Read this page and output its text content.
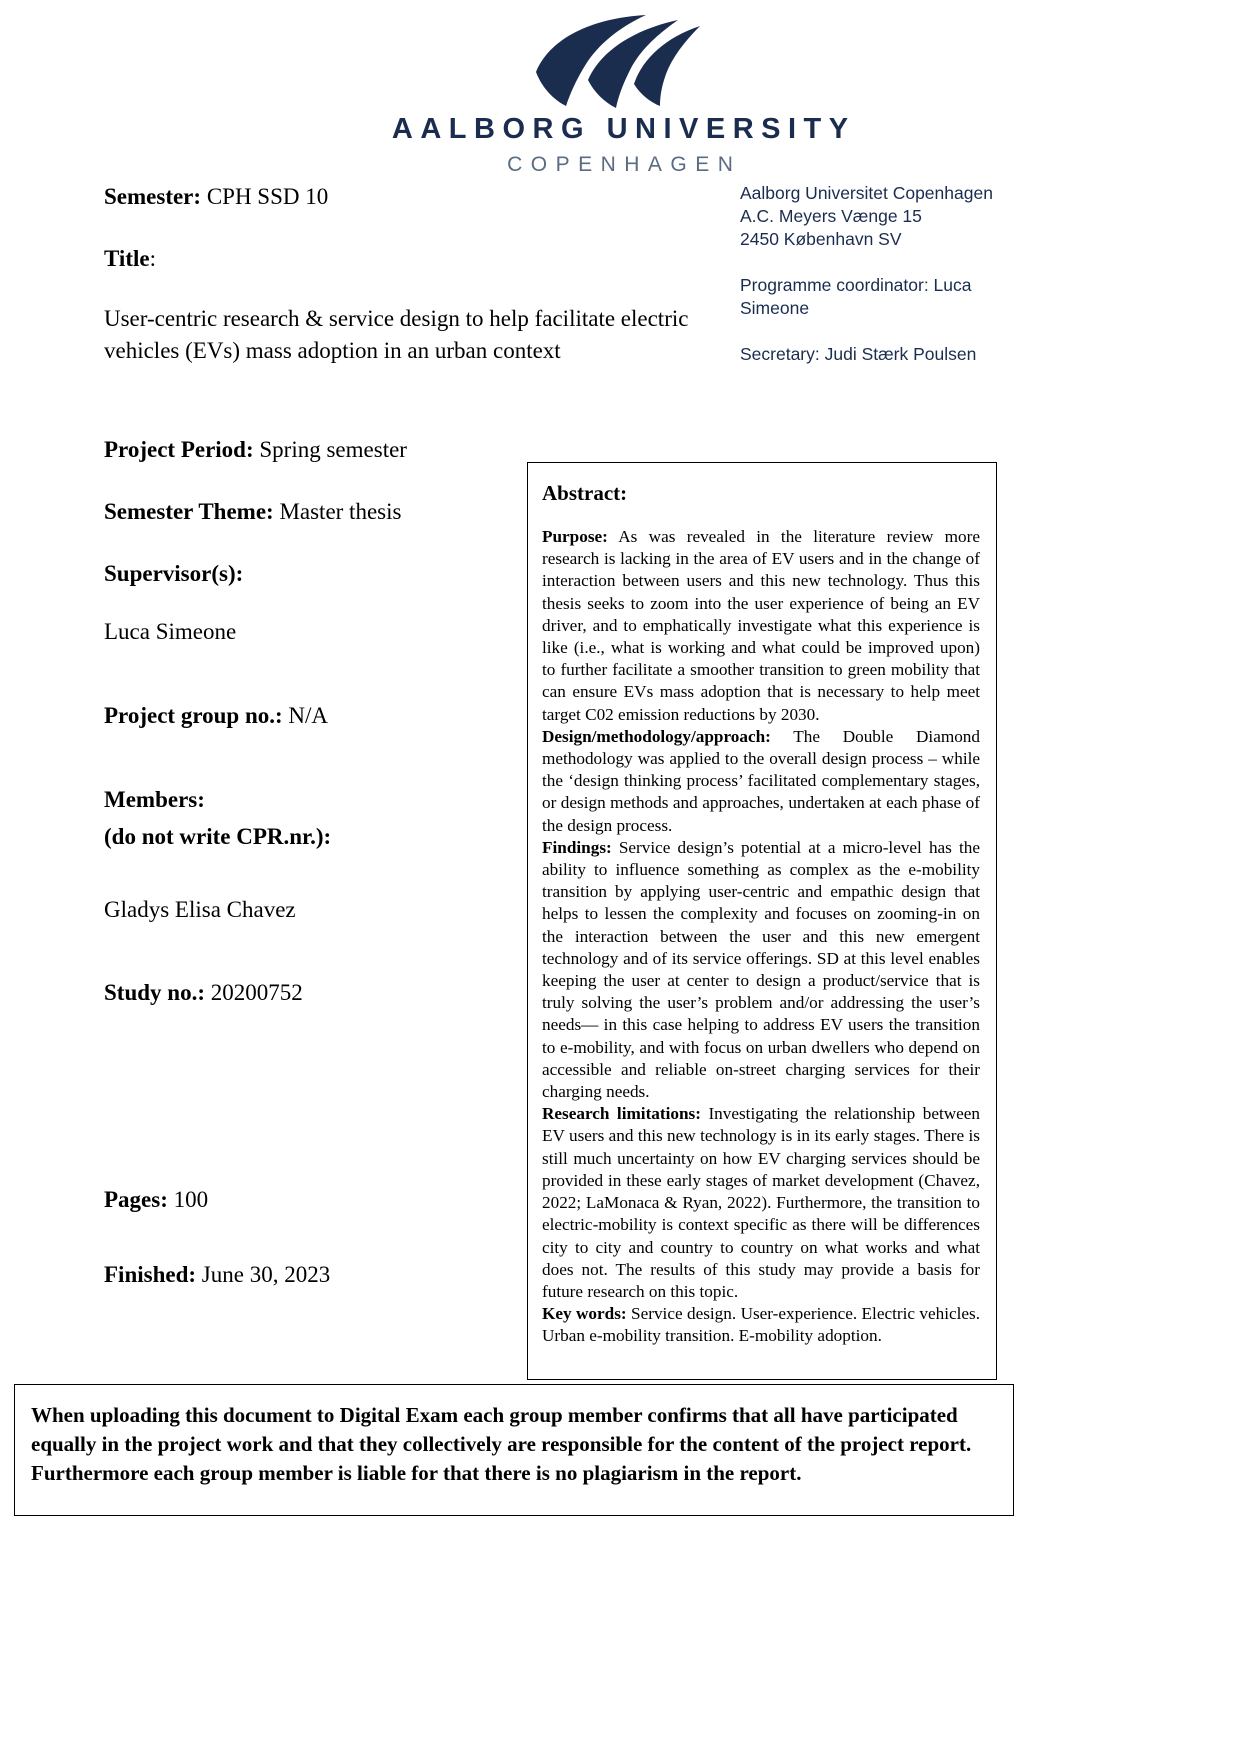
AALBORG UNIVERSITY
COPENHAGEN

Semester: CPH SSD 10

Title:

User-centric research & service design to help facilitate electric vehicles (EVs) mass adoption in an urban context

Project Period: Spring semester

Semester Theme: Master thesis

Supervisor(s):

Luca Simeone

Project group no.: N/A

Members:

(do not write CPR.nr.):

Gladys Elisa Chavez

Study no.: 20200752

Pages: 100

Finished: June 30, 2023

Aalborg Universitet Copenhagen

A.C. Meyers Vænge 15

2450 København SV

Programme coordinator: Luca Simeone

Secretary: Judi Stærk Poulsen

Abstract:

Purpose: As was revealed in the literature review more research is lacking in the area of EV users and in the change of interaction between users and this new technology. Thus this thesis seeks to zoom into the user experience of being an EV driver, and to emphatically investigate what this experience is like (i.e., what is working and what could be improved upon) to further facilitate a smoother transition to green mobility that can ensure EVs mass adoption that is necessary to help meet target C02 emission reductions by 2030.

Design/methodology/approach: The Double Diamond methodology was applied to the overall design process – while the ‘design thinking process’ facilitated complementary stages, or design methods and approaches, undertaken at each phase of the design process.

Findings: Service design’s potential at a micro-level has the ability to influence something as complex as the e-mobility transition by applying user-centric and empathic design that helps to lessen the complexity and focuses on zooming-in on the interaction between the user and this new emergent technology and of its service offerings. SD at this level enables keeping the user at center to design a product/service that is truly solving the user’s problem and/or addressing the user’s needs— in this case helping to address EV users the transition to e-mobility, and with focus on urban dwellers who depend on accessible and reliable on-street charging services for their charging needs.

Research limitations: Investigating the relationship between EV users and this new technology is in its early stages. There is still much uncertainty on how EV charging services should be provided in these early stages of market development (Chavez, 2022; LaMonaca & Ryan, 2022). Furthermore, the transition to electric-mobility is context specific as there will be differences city to city and country to country on what works and what does not. The results of this study may provide a basis for future research on this topic.

Key words: Service design. User-experience. Electric vehicles. Urban e-mobility transition. E-mobility adoption.

When uploading this document to Digital Exam each group member confirms that all have participated equally in the project work and that they collectively are responsible for the content of the project report. Furthermore each group member is liable for that there is no plagiarism in the report.
